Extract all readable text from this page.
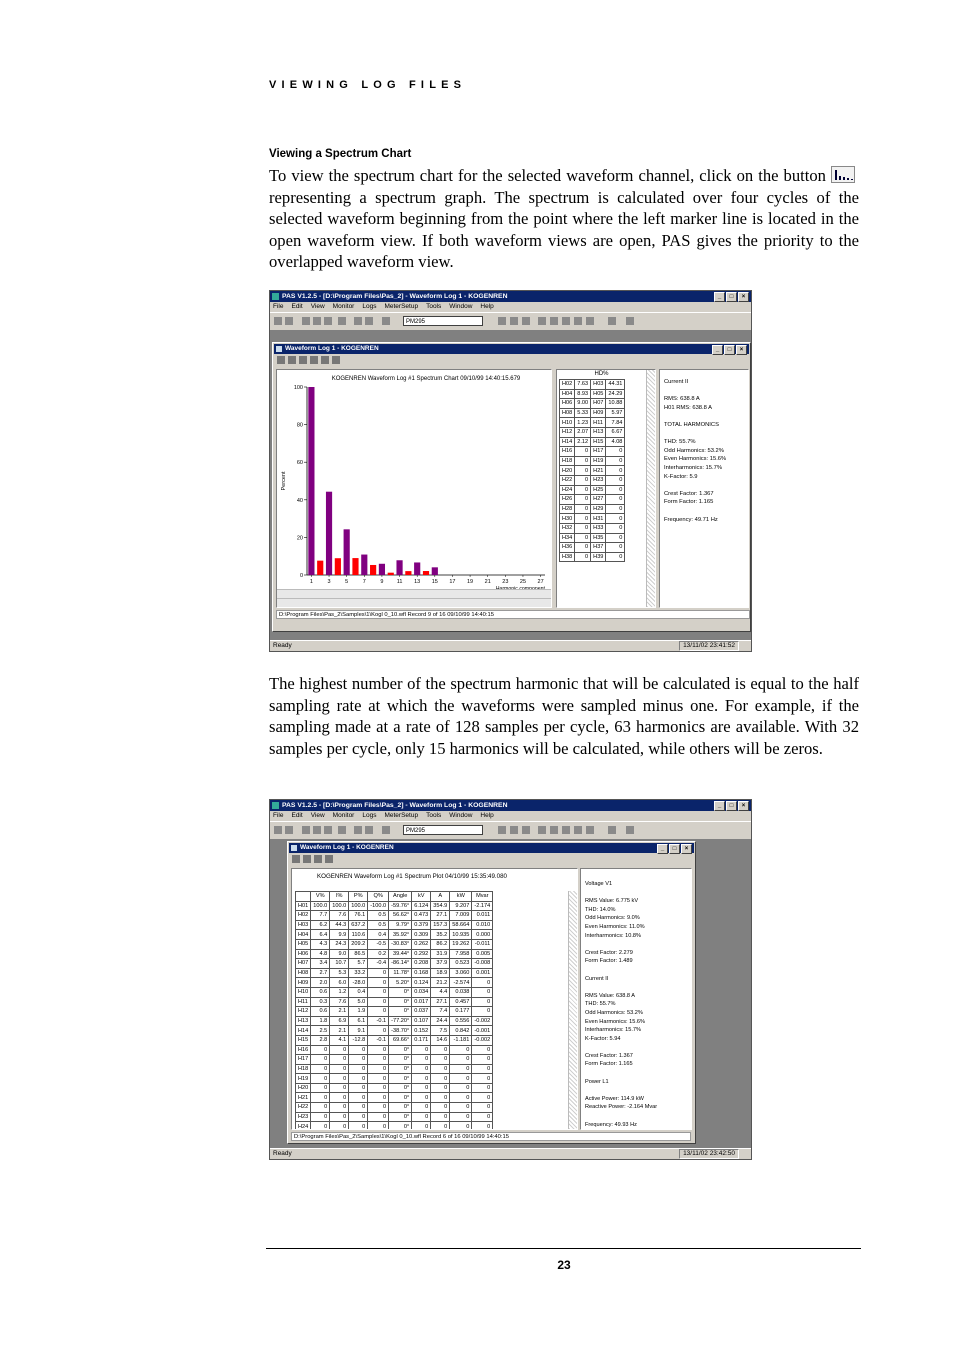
VIEWING LOG FILES
Viewing a Spectrum Chart

To view the spectrum chart for the selected waveform channel, click on the button
representing a spectrum graph. The spectrum is calculated over four cycles of the selected waveform beginning from the point where the left marker line is located in the open waveform view. If both waveform views are open, PAS gives the priority to the overlapped waveform view.

PAS V1.2.5 - [D:\Program Files\Pas_2] - Waveform Log 1 - KOGENREN	_	□	×
File Edit View Monitor Logs MeterSetup Tools Window Help
PM295
Waveform Log 1 - KOGENREN	_	□	×
KOGENREN Waveform Log #1 Spectrum Chart 09/10/99 14:40:15.679
0
20
40
60
80
100
Percent
1	3	5	7	9 11 13 15 17 19 21 23 25 27
HD%
H02	7.63	H03	44.31
H04	8.93	H05	24.29
H06	9.00	H07	10.88
H08	5.33	H09	5.97
H10	1.23	H11	7.84
H12	2.07	H13	6.67
H14	2.12	H15	4.08
H16	0	H17	0
H18	0	H19	0
H20	0	H21	0
H22	0	H23	0
H24	0	H25	0
H26	0	H27	0
H28	0	H29	0
H30	0	H31	0
H32	0	H33	0
H34	0	H35	0
H36	0	H37	0
H38	0	H39	0
Current II

RMS: 638.8 A
H01 RMS: 638.8 A

TOTAL HARMONICS

THD: 55.7%
Odd Harmonics: 53.2%
Even Harmonics: 15.6%
Interharmonics: 15.7%
K-Factor: 5.9

Crest Factor: 1.367
Form Factor: 1.165

Frequency: 49.71 Hz
D:\Program Files\Pas_2\Samples\1\Kogl 0_10.wfl Record 9 of 16 09/10/99 14:40:15
Ready	13/11/02 23:41:52

The highest number of the spectrum harmonic that will be calculated is equal to the half sampling rate at which the waveforms were sampled minus one. For example, if the sampling made at a rate of 128 samples per cycle, 63 harmonics are available. With 32 samples per cycle, only 15 harmonics will be calculated, while others will be zeros.

PAS V1.2.5 - [D:\Program Files\Pas_2] - Waveform Log 1 - KOGENREN	_	□	×
File Edit View Monitor Logs MeterSetup Tools Window Help
PM295
Waveform Log 1 - KOGENREN	_	□	×
KOGENREN Waveform Log #1 Spectrum Plot 04/10/99 15:35:49.080
	V%	I%	P%	Q%	Angle	kV	A	kW	Mvar
H01	100.0	100.0	100.0	-100.0	-59.76°	6.124	354.9	9.207	-2.174
H02	7.7	7.6	76.1	0.5	56.62°	0.473	27.1	7.009	0.011
H03	6.2	44.3	637.2	0.5	9.79°	0.379	157.3	58.664	0.010
H04	6.4	9.9	110.6	0.4	35.92°	0.309	35.2	10.935	0.000
H05	4.3	24.3	209.2	-0.5	-30.83°	0.262	86.2	19.262	-0.011
H06	4.8	9.0	86.5	0.2	39.44°	0.292	31.9	7.958	0.005
H07	3.4	10.7	5.7	-0.4	-86.14°	0.208	37.9	0.523	-0.008
H08	2.7	5.3	33.2	0	11.78°	0.168	18.9	3.060	0.001
H09	2.0	6.0	-28.0	0	5.20°	0.124	21.2	-2.574	0
H10	0.6	1.2	0.4	0	0°	0.034	4.4	0.038	0
H11	0.3	7.6	5.0	0	0°	0.017	27.1	0.457	0
H12	0.6	2.1	1.9	0	0°	0.037	7.4	0.177	0
H13	1.8	6.9	6.1	-0.1	-77.20°	0.107	24.4	0.556	-0.002
H14	2.5	2.1	9.1	0	-38.70°	0.152	7.5	0.842	-0.001
H15	2.8	4.1	-12.8	-0.1	69.66°	0.171	14.6	-1.181	-0.002
H16	0	0	0	0	0°	0	0	0	0
H17	0	0	0	0	0°	0	0	0	0
H18	0	0	0	0	0°	0	0	0	0
H19	0	0	0	0	0°	0	0	0	0
H20	0	0	0	0	0°	0	0	0	0
H21	0	0	0	0	0°	0	0	0	0
H22	0	0	0	0	0°	0	0	0	0
H23	0	0	0	0	0°	0	0	0	0
H24	0	0	0	0	0°	0	0	0	0
Voltage V1

RMS Value: 6.775 kV
THD: 14.0%
Odd Harmonics: 9.0%
Even Harmonics: 11.0%
Interharmonics: 10.8%

Crest Factor: 2.279
Form Factor: 1.489

Current II

RMS Value: 638.8 A
THD: 55.7%
Odd Harmonics: 53.2%
Even Harmonics: 15.6%
Interharmonics: 15.7%
K-Factor: 5.94

Crest Factor: 1.367
Form Factor: 1.165

Power L1

Active Power: 114.9 kW
Reactive Power: -2.164 Mvar

Frequency: 49.93 Hz
D:\Program Files\Pas_2\Samples\1\Kogl 0_10.wfl Record 6 of 16 09/10/99 14:40:15
Ready	13/11/02 23:42:50
23
